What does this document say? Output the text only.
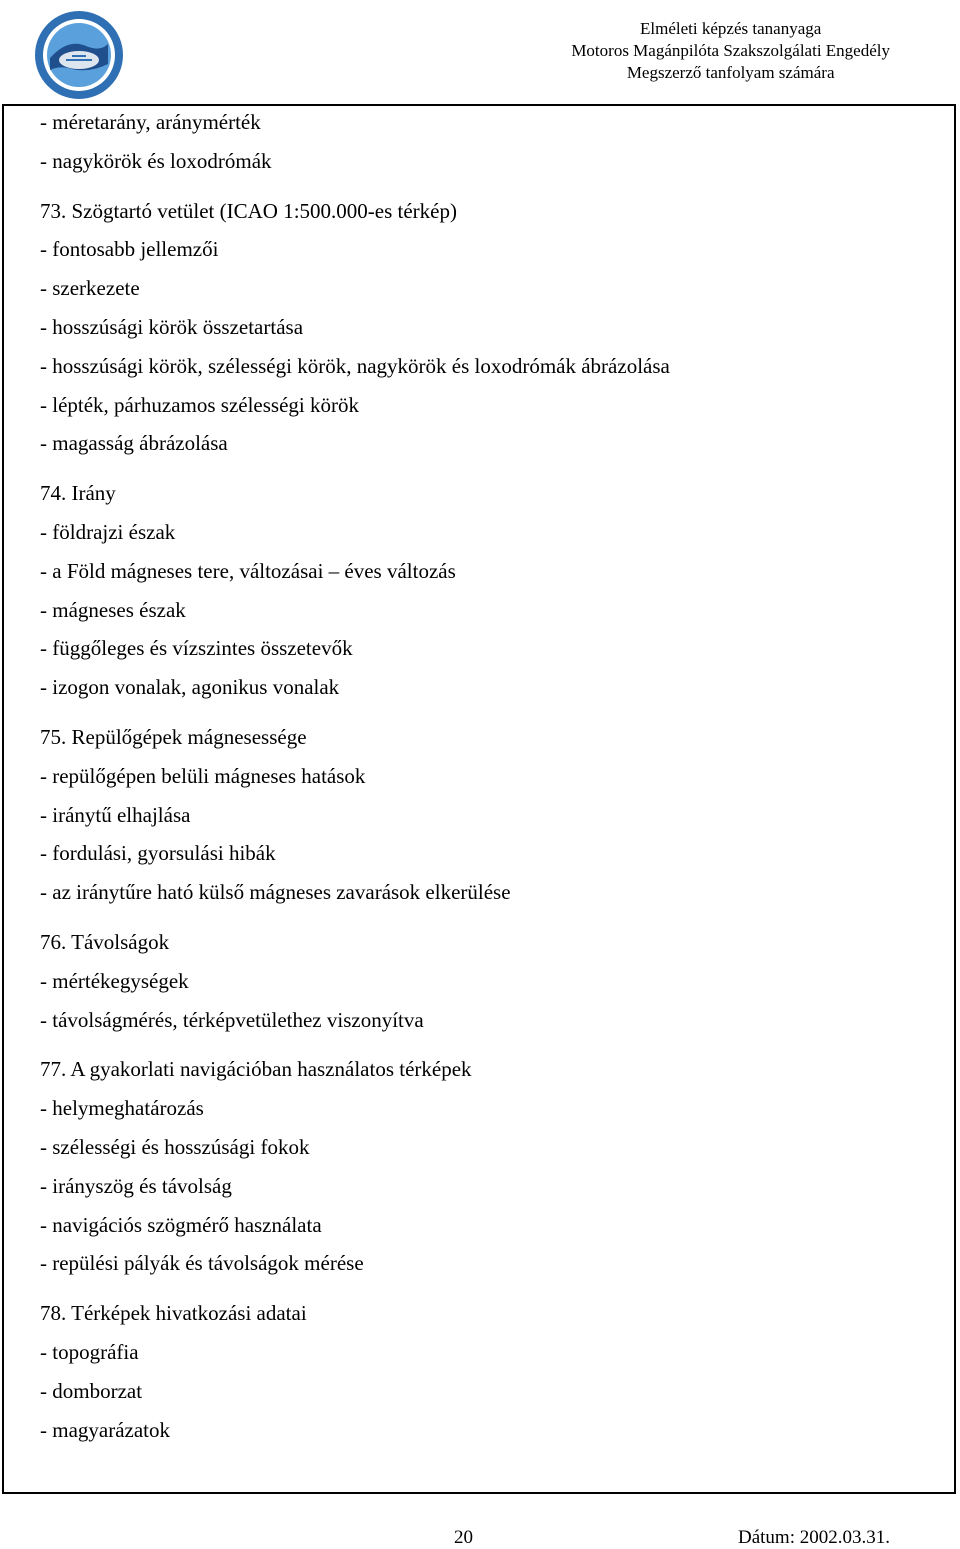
Elméleti képzés tananyaga
Motoros Magánpilóta Szakszolgálati Engedély
Megszerző tanfolyam számára
- méretarány, aránymérték
- nagykörök és loxodrómák
73. Szögtartó vetület (ICAO 1:500.000-es térkép)
- fontosabb jellemzői
- szerkezete
- hosszúsági körök összetartása
- hosszúsági körök, szélességi körök, nagykörök és loxodrómák ábrázolása
- lépték, párhuzamos szélességi körök
- magasság ábrázolása
74. Irány
- földrajzi észak
- a Föld mágneses tere, változásai – éves változás
- mágneses észak
- függőleges és vízszintes összetevők
- izogon vonalak, agonikus vonalak
75. Repülőgépek mágnesessége
- repülőgépen belüli mágneses hatások
- iránytű elhajlása
- fordulási, gyorsulási hibák
- az iránytűre ható külső mágneses zavarások elkerülése
76. Távolságok
- mértékegységek
- távolságmérés, térképvetülethez viszonyítva
77. A gyakorlati navigációban használatos térképek
- helymeghatározás
- szélességi és hosszúsági fokok
- irányszög és távolság
- navigációs szögmérő használata
- repülési pályák és távolságok mérése
78. Térképek hivatkozási adatai
- topográfia
- domborzat
- magyarázatok
20	Dátum: 2002.03.31.
